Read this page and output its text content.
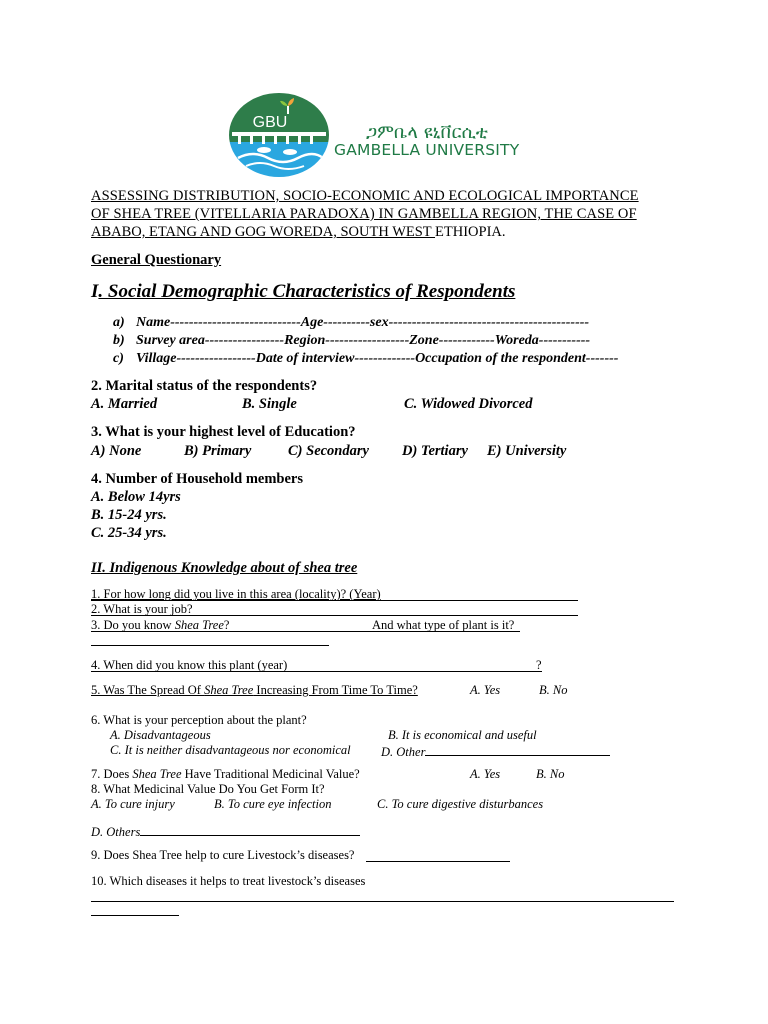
GBU	ጋምቤላ ዩኒቨርሲቲ
GAMBELLA UNIVERSITY
ASSESSING DISTRIBUTION, SOCIO-ECONOMIC AND ECOLOGICAL IMPORTANCE
OF SHEA TREE (VITELLARIA PARADOXA) IN GAMBELLA REGION, THE CASE OF
ABABO, ETANG AND GOG WOREDA, SOUTH WEST ETHIOPIA.
General Questionary
I. Social Demographic Characteristics of Respondents
a) Name----------------------------Age----------sex-------------------------------------------
b) Survey area-----------------Region------------------Zone------------Woreda-----------
c) Village-----------------Date of interview-------------Occupation of the respondent-------
2. Marital status of the respondents?
A. Married	B. Single	C. Widowed Divorced
3. What is your highest level of Education?
A) None	B) Primary	C) Secondary D) Tertiary E) University
4. Number of Household members
A. Below 14yrs
B. 15-24 yrs.
C. 25-34 yrs.
II. Indigenous Knowledge about of shea tree
1. For how long did you live in this area (locality)? (Year)
2. What is your job?
3. Do you know Shea Tree?	And what type of plant is it?
4. When did you know this plant (year)	?
5. Was The Spread Of Shea Tree Increasing From Time To Time?	A. Yes	B. No
6. What is your perception about the plant?
A. Disadvantageous	B. It is economical and useful
C. It is neither disadvantageous nor economical D. Other
7. Does Shea Tree Have Traditional Medicinal Value?	A. Yes	B. No
8. What Medicinal Value Do You Get Form It?
A. To cure injury	B. To cure eye infection	C. To cure digestive disturbances
D. Others
9. Does Shea Tree help to cure Livestock’s diseases?
10. Which diseases it helps to treat livestock’s diseases
